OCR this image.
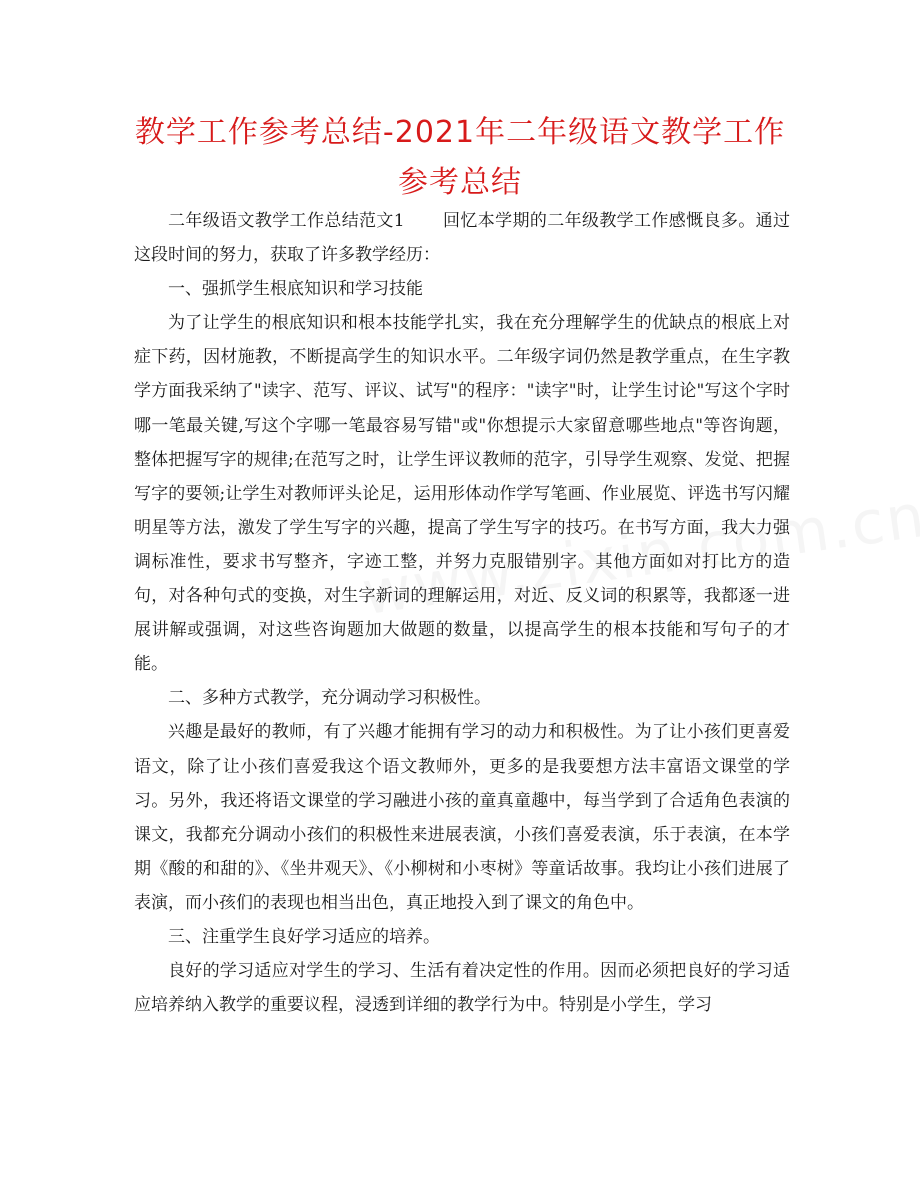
教学工作参考总结-2021年二年级语文教学工作参考总结

二年级语文教学工作总结范文1 回忆本学期的二年级教学工作感慨良多。通过这段时间的努力，获取了许多教学经历：

一、强抓学生根底知识和学习技能

为了让学生的根底知识和根本技能学扎实，我在充分理解学生的优缺点的根底上对症下药，因材施教，不断提高学生的知识水平。二年级字词仍然是教学重点，在生字教学方面我采纳了"读字、范写、评议、试写"的程序："读字"时，让学生讨论"写这个字时哪一笔最关键,写这个字哪一笔最容易写错"或"你想提示大家留意哪些地点"等咨询题，整体把握写字的规律;在范写之时，让学生评议教师的范字，引导学生观察、发觉、把握写字的要领;让学生对教师评头论足，运用形体动作学写笔画、作业展览、评选书写闪耀明星等方法，激发了学生写字的兴趣，提高了学生写字的技巧。在书写方面，我大力强调标准性，要求书写整齐，字迹工整，并努力克服错别字。其他方面如对打比方的造句，对各种句式的变换，对生字新词的理解运用，对近、反义词的积累等，我都逐一进展讲解或强调，对这些咨询题加大做题的数量，以提高学生的根本技能和写句子的才能。

二、多种方式教学，充分调动学习积极性。

兴趣是最好的教师，有了兴趣才能拥有学习的动力和积极性。为了让小孩们更喜爱语文，除了让小孩们喜爱我这个语文教师外，更多的是我要想方法丰富语文课堂的学习。另外，我还将语文课堂的学习融进小孩的童真童趣中，每当学到了合适角色表演的课文，我都充分调动小孩们的积极性来进展表演，小孩们喜爱表演，乐于表演，在本学期《酸的和甜的》、《坐井观天》、《小柳树和小枣树》等童话故事。我均让小孩们进展了表演，而小孩们的表现也相当出色，真正地投入到了课文的角色中。

三、注重学生良好学习适应的培养。

良好的学习适应对学生的学习、生活有着决定性的作用。因而必须把良好的学习适应培养纳入教学的重要议程，浸透到详细的教学行为中。特别是小学生，学习
